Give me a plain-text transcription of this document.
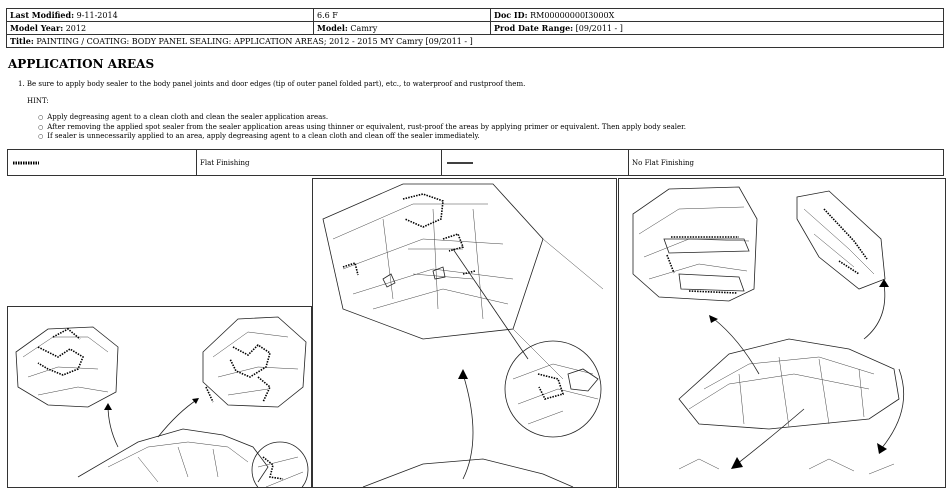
Last Modified: 9-11-2014	6.6 F	Doc ID: RM00000000I3000X
Model Year: 2012	Model: Camry	Prod Date Range: [09/2011 - ]
Title: PAINTING / COATING: BODY PANEL SEALING: APPLICATION AREAS; 2012 - 2015 MY Camry [09/2011 - ]		
APPLICATION AREAS
1. Be sure to apply body sealer to the body panel joints and door edges (tip of outer panel folded part), etc., to waterproof and rustproof them.
HINT:
○ Apply degreasing agent to a clean cloth and clean the sealer application areas.
○ After removing the applied spot sealer from the sealer application areas using thinner or equivalent, rust-proof the areas by applying primer or equivalent. Then apply body sealer.
○ If sealer is unnecessarily applied to an area, apply degreasing agent to a clean cloth and clean off the sealer immediately.
	Flat Finishing		No Flat Finishing
